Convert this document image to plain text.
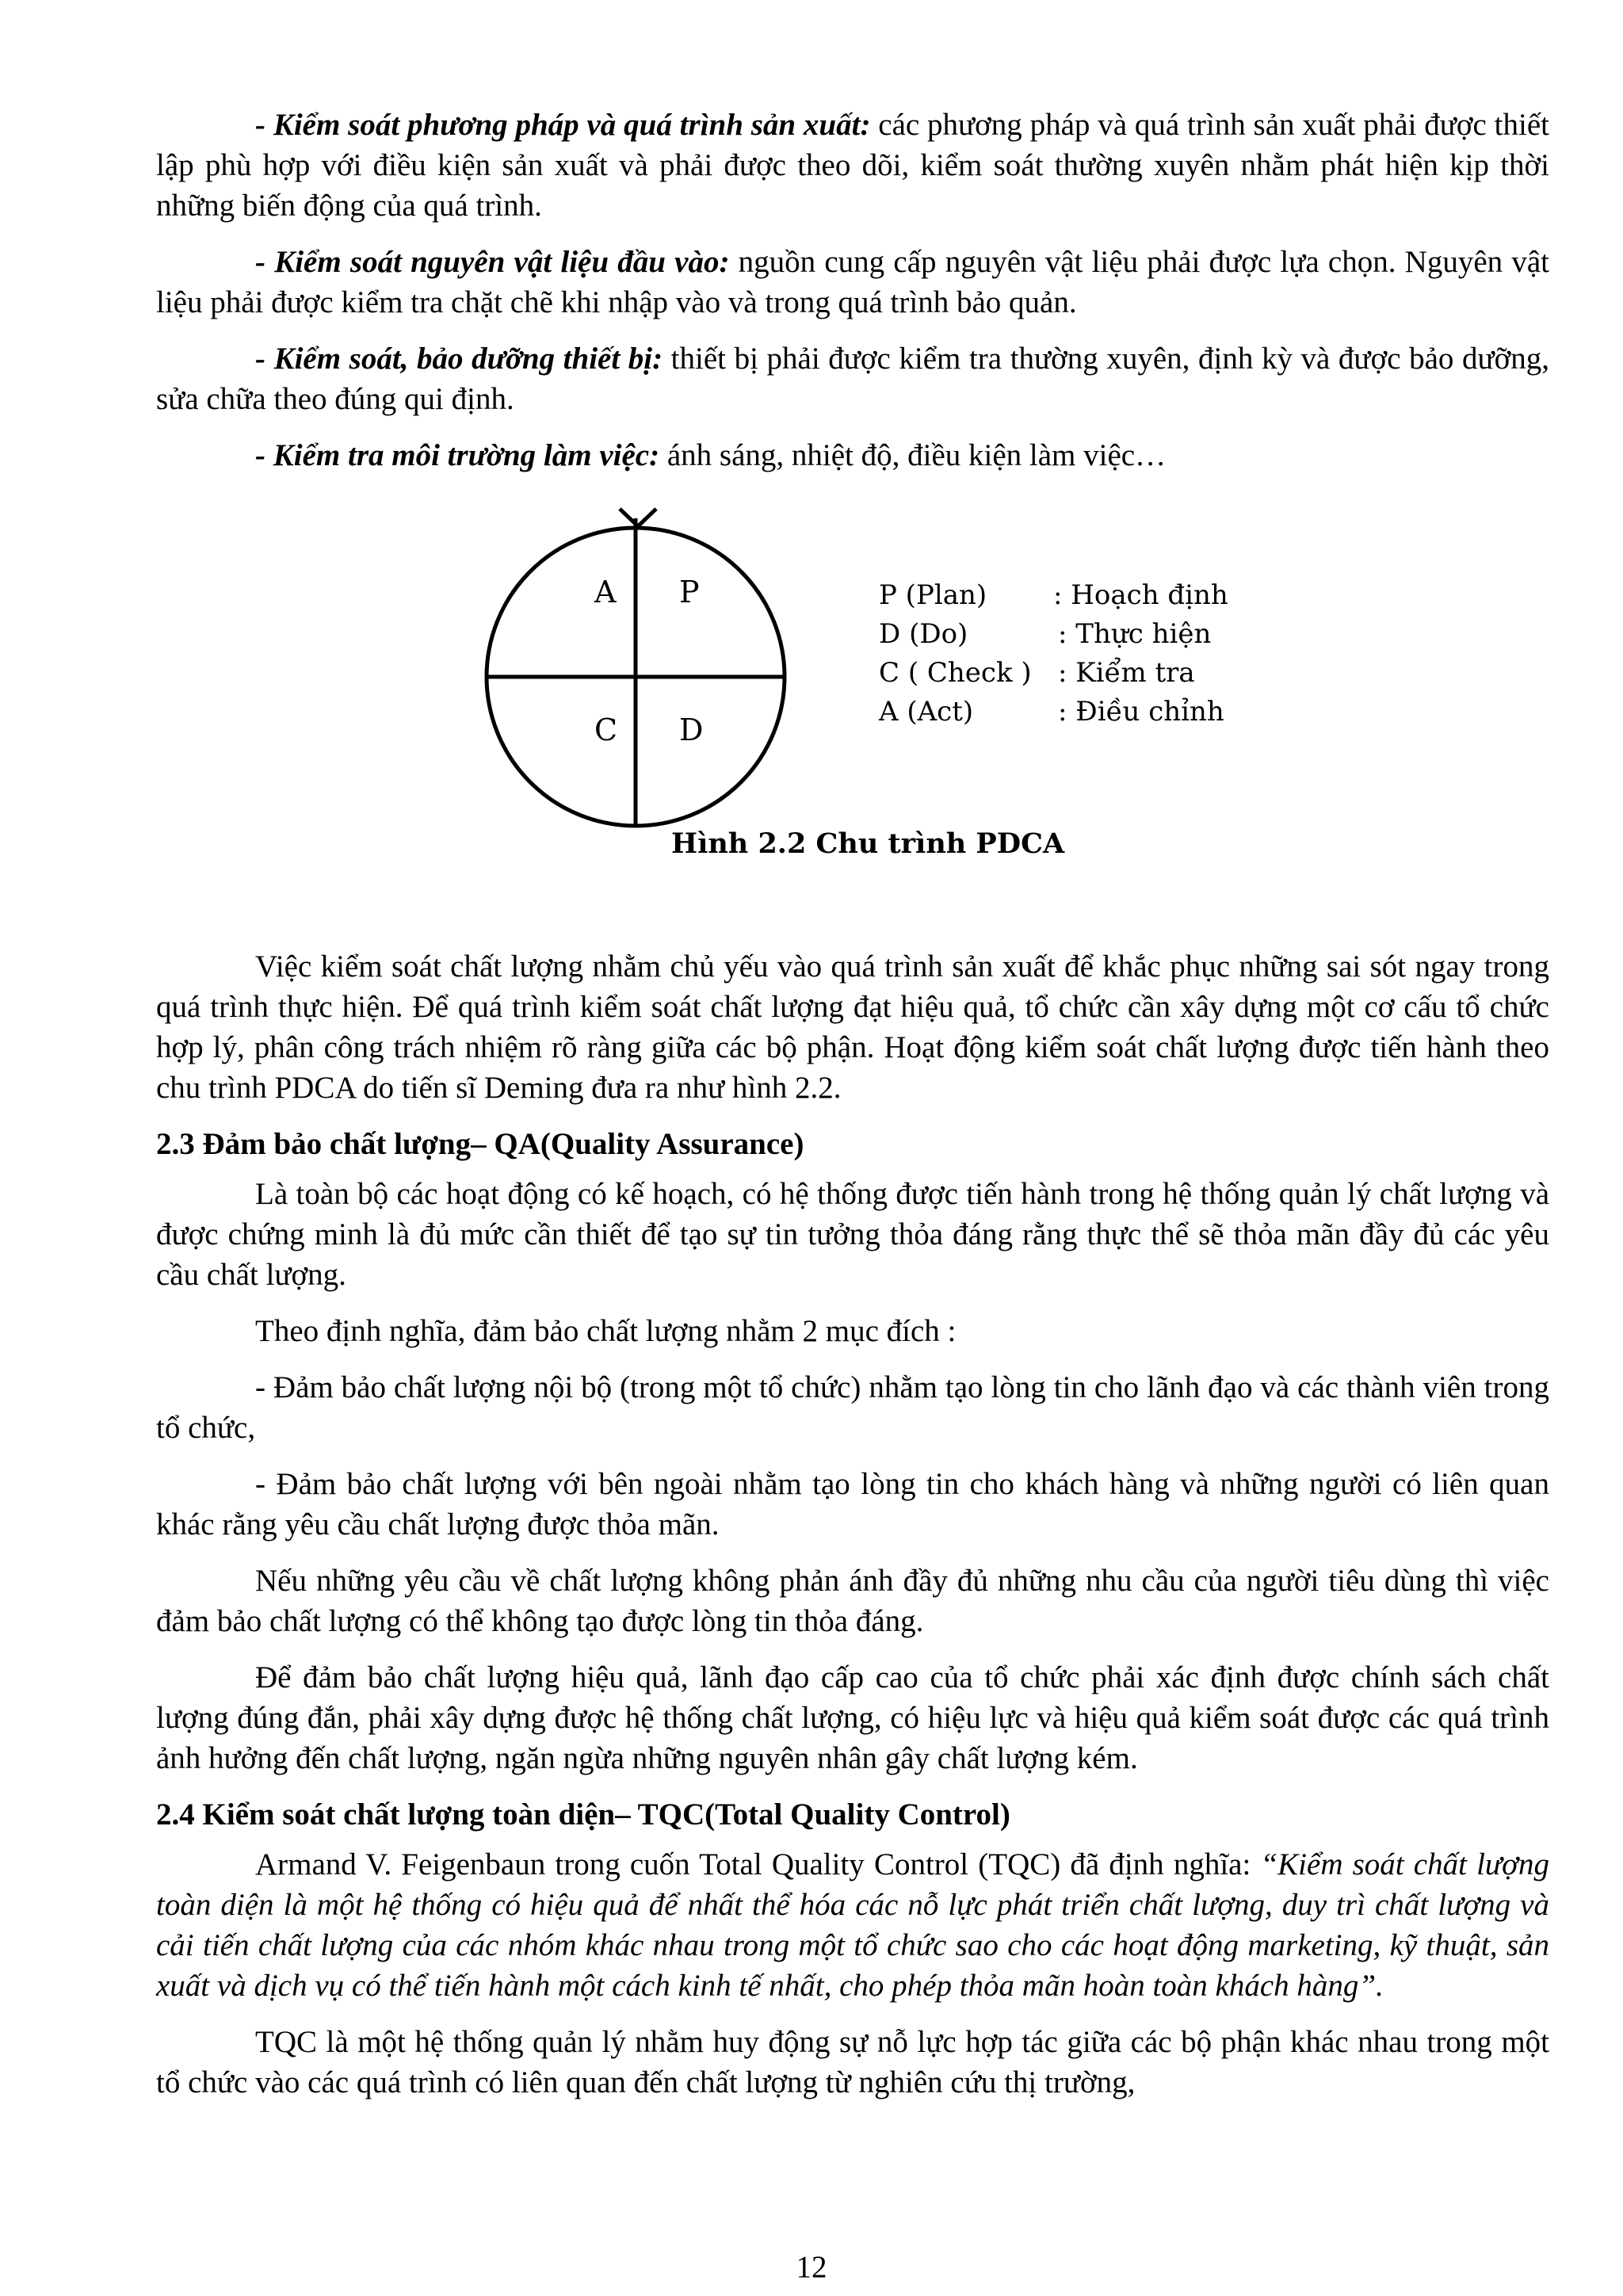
- Kiểm soát phương pháp và quá trình sản xuất: các phương pháp và quá trình sản xuất phải được thiết lập phù hợp với điều kiện sản xuất và phải được theo dõi, kiểm soát thường xuyên nhằm phát hiện kịp thời những biến động của quá trình.

- Kiểm soát nguyên vật liệu đầu vào: nguồn cung cấp nguyên vật liệu phải được lựa chọn. Nguyên vật liệu phải được kiểm tra chặt chẽ khi nhập vào và trong quá trình bảo quản.

- Kiểm soát, bảo dưỡng thiết bị: thiết bị phải được kiểm tra thường xuyên, định kỳ và được bảo dưỡng, sửa chữa theo đúng qui định.

- Kiểm tra môi trường làm việc: ánh sáng, nhiệt độ, điều kiện làm việc…

A P
C D
P (Plan) : Hoạch định
D (Do)	: Thực hiện
C ( Check ) : Kiểm tra
A (Act)	: Điều chỉnh
Hình 2.2 Chu trình PDCA

Việc kiểm soát chất lượng nhằm chủ yếu vào quá trình sản xuất để khắc phục những sai sót ngay trong quá trình thực hiện. Để quá trình kiểm soát chất lượng đạt hiệu quả, tổ chức cần xây dựng một cơ cấu tổ chức hợp lý, phân công trách nhiệm rõ ràng giữa các bộ phận. Hoạt động kiểm soát chất lượng được tiến hành theo chu trình PDCA do tiến sĩ Deming đưa ra như hình 2.2.

2.3 Đảm bảo chất lượng– QA(Quality Assurance)

Là toàn bộ các hoạt động có kế hoạch, có hệ thống được tiến hành trong hệ thống quản lý chất lượng và được chứng minh là đủ mức cần thiết để tạo sự tin tưởng thỏa đáng rằng thực thể sẽ thỏa mãn đầy đủ các yêu cầu chất lượng.

Theo định nghĩa, đảm bảo chất lượng nhằm 2 mục đích :

- Đảm bảo chất lượng nội bộ (trong một tổ chức) nhằm tạo lòng tin cho lãnh đạo và các thành viên trong tổ chức,

- Đảm bảo chất lượng với bên ngoài nhằm tạo lòng tin cho khách hàng và những người có liên quan khác rằng yêu cầu chất lượng được thỏa mãn.

Nếu những yêu cầu về chất lượng không phản ánh đầy đủ những nhu cầu của người tiêu dùng thì việc đảm bảo chất lượng có thể không tạo được lòng tin thỏa đáng.

Để đảm bảo chất lượng hiệu quả, lãnh đạo cấp cao của tổ chức phải xác định được chính sách chất lượng đúng đắn, phải xây dựng được hệ thống chất lượng, có hiệu lực và hiệu quả kiểm soát được các quá trình ảnh hưởng đến chất lượng, ngăn ngừa những nguyên nhân gây chất lượng kém.

2.4 Kiểm soát chất lượng toàn diện– TQC(Total Quality Control)

Armand V. Feigenbaun trong cuốn Total Quality Control (TQC) đã định nghĩa: “Kiểm soát chất lượng toàn diện là một hệ thống có hiệu quả để nhất thể hóa các nỗ lực phát triển chất lượng, duy trì chất lượng và cải tiến chất lượng của các nhóm khác nhau trong một tổ chức sao cho các hoạt động marketing, kỹ thuật, sản xuất và dịch vụ có thể tiến hành một cách kinh tế nhất, cho phép thỏa mãn hoàn toàn khách hàng”.

TQC là một hệ thống quản lý nhằm huy động sự nỗ lực hợp tác giữa các bộ phận khác nhau trong một tổ chức vào các quá trình có liên quan đến chất lượng từ nghiên cứu thị trường,

12
